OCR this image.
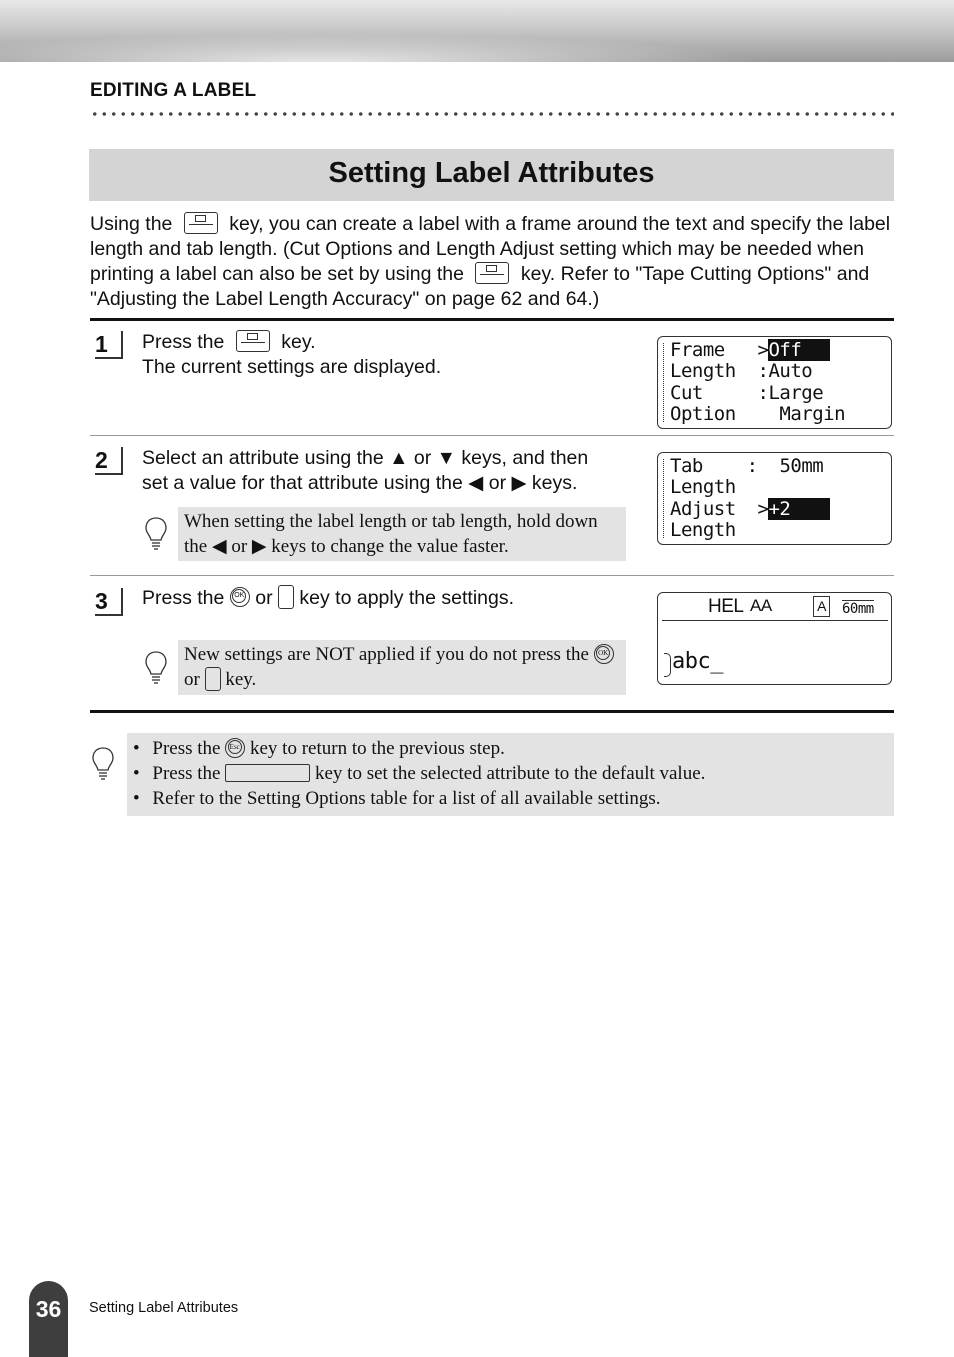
EDITING A LABEL
Setting Label Attributes
Using the	key, you can create a label with a frame around the text and specify the label length and tab length. (Cut Options and Length Adjust setting which may be needed when printing a label can also be set by using the	key. Refer to "Tape Cutting Options" and "Adjusting the Label Length Accuracy" on page 62 and 64.)
1	Press the	key.
The current settings are displayed.
Frame >Off
Length :Auto
Cut	:Large
Option Margin
2	Select an attribute using the ▲ or ▼ keys, and then
set a value for that attribute using the ◀ or ▶ keys.
When setting the label length or tab length, hold down the ◀ or ▶ keys to change the value faster.
Tab : 50mm
Length
Adjust >+2
Length
3	Press the OK or key to apply the settings.
New settings are NOT applied if you do not press the OK
or key.
HEL AA	A 60mm
abc_
• Press the Esc key to return to the previous step.
• Press the	key to set the selected attribute to the default value.
• Refer to the Setting Options table for a list of all available settings.
36	Setting Label Attributes
